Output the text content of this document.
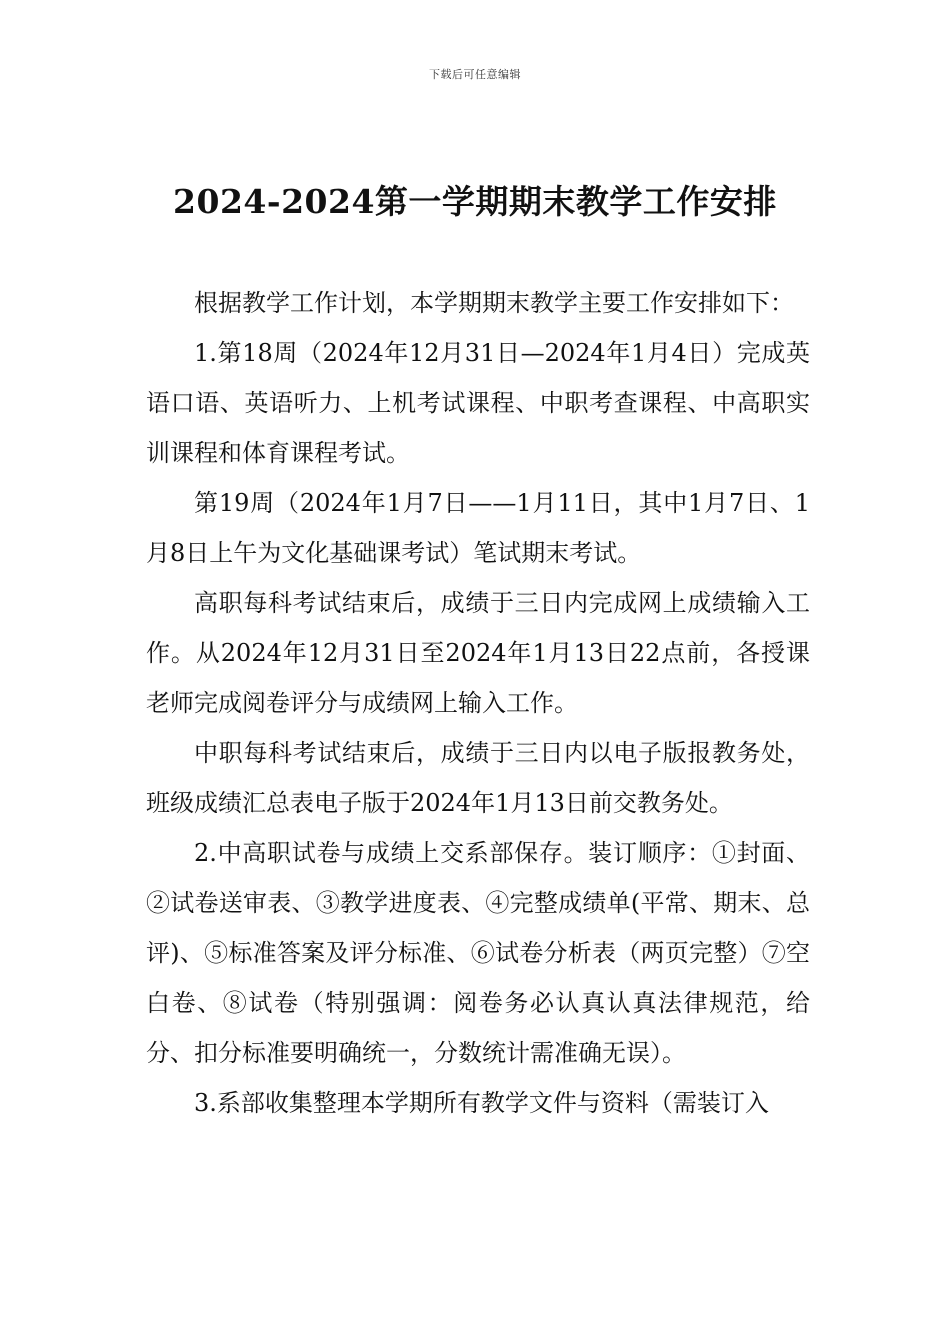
下载后可任意编辑
2024-2024第一学期期末教学工作安排

根据教学工作计划，本学期期末教学主要工作安排如下：

1.第18周（2024年12月31日—2024年1月4日）完成英语口语、英语听力、上机考试课程、中职考查课程、中高职实训课程和体育课程考试。

第19周（2024年1月7日——1月11日，其中1月7日、1月8日上午为文化基础课考试）笔试期末考试。

高职每科考试结束后，成绩于三日内完成网上成绩输入工作。从2024年12月31日至2024年1月13日22点前，各授课老师完成阅卷评分与成绩网上输入工作。

中职每科考试结束后，成绩于三日内以电子版报教务处，班级成绩汇总表电子版于2024年1月13日前交教务处。

2.中高职试卷与成绩上交系部保存。装订顺序：①封面、②试卷送审表、③教学进度表、④完整成绩单(平常、期末、总评)、⑤标准答案及评分标准、⑥试卷分析表（两页完整）⑦空白卷、⑧试卷（特别强调：阅卷务必认真认真法律规范，给分、扣分标准要明确统一，分数统计需准确无误）。

3.系部收集整理本学期所有教学文件与资料（需装订入
